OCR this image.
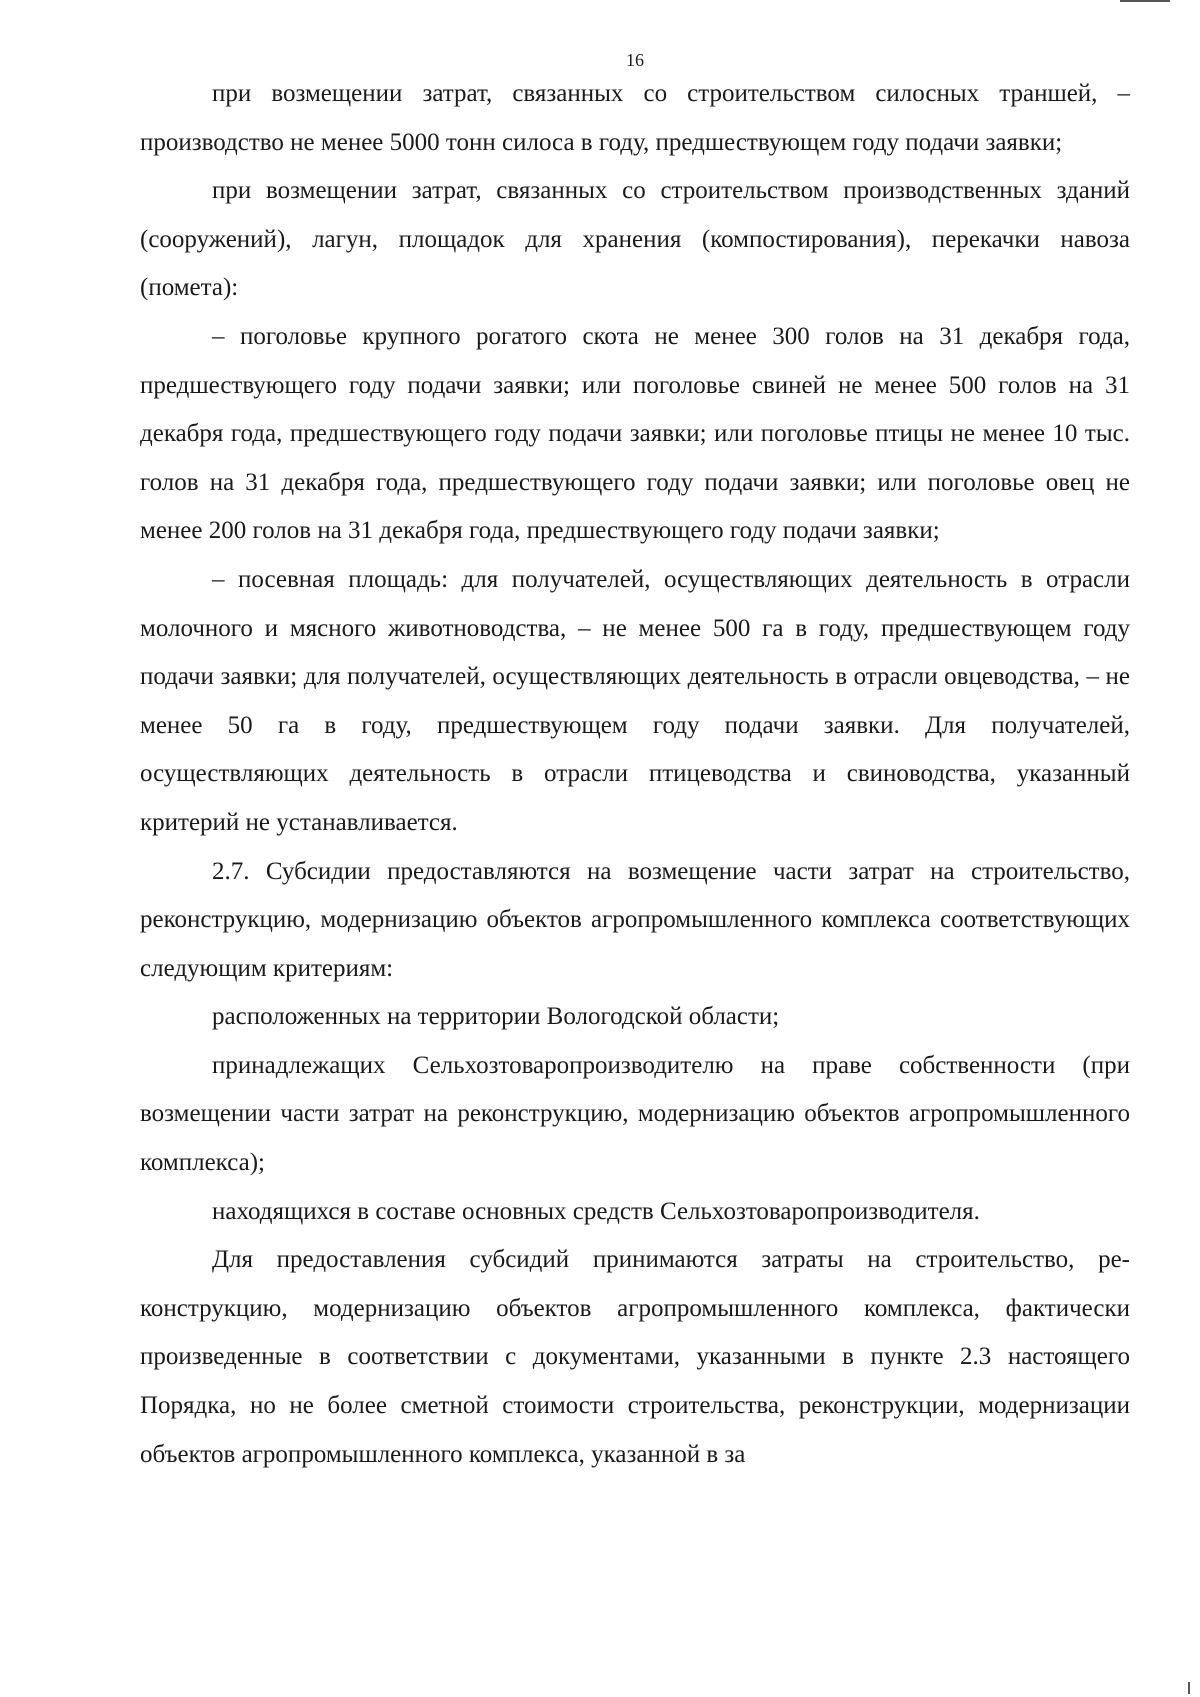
16

при возмещении затрат, связанных со строительством силосных траншей, – производство не менее 5000 тонн силоса в году, предшествующем году подачи заявки;

при возмещении затрат, связанных со строительством производственных зданий (сооружений), лагун, площадок для хранения (компостирования), перекачки навоза (помета):

– поголовье крупного рогатого скота не менее 300 голов на 31 декабря года, предшествующего году подачи заявки; или поголовье свиней не менее 500 голов на 31 декабря года, предшествующего году подачи заявки; или поголовье птицы не менее 10 тыс. голов на 31 декабря года, предшествующего году подачи заявки; или поголовье овец не менее 200 голов на 31 декабря года, предшествующего году подачи заявки;

– посевная площадь: для получателей, осуществляющих деятельность в отрасли молочного и мясного животноводства, – не менее 500 га в году, предшествующем году подачи заявки; для получателей, осуществляющих деятельность в отрасли овцеводства, – не менее 50 га в году, предшествующем году подачи заявки. Для получателей, осуществляющих деятельность в отрасли птицеводства и свиноводства, указанный критерий не устанавливается.

2.7. Субсидии предоставляются на возмещение части затрат на строительство, реконструкцию, модернизацию объектов агропромышленного комплекса соответствующих следующим критериям:

расположенных на территории Вологодской области;

принадлежащих Сельхозтоваропроизводителю на праве собственности (при возмещении части затрат на реконструкцию, модернизацию объектов агропромышленного комплекса);

находящихся в составе основных средств Сельхозтоваропроизводителя.

Для предоставления субсидий принимаются затраты на строительство, реконструкцию, модернизацию объектов агропромышленного комплекса, фактически произведенные в соответствии с документами, указанными в пункте 2.3 настоящего Порядка, но не более сметной стоимости строительства, реконструкции, модернизации объектов агропромышленного комплекса, указанной в за
